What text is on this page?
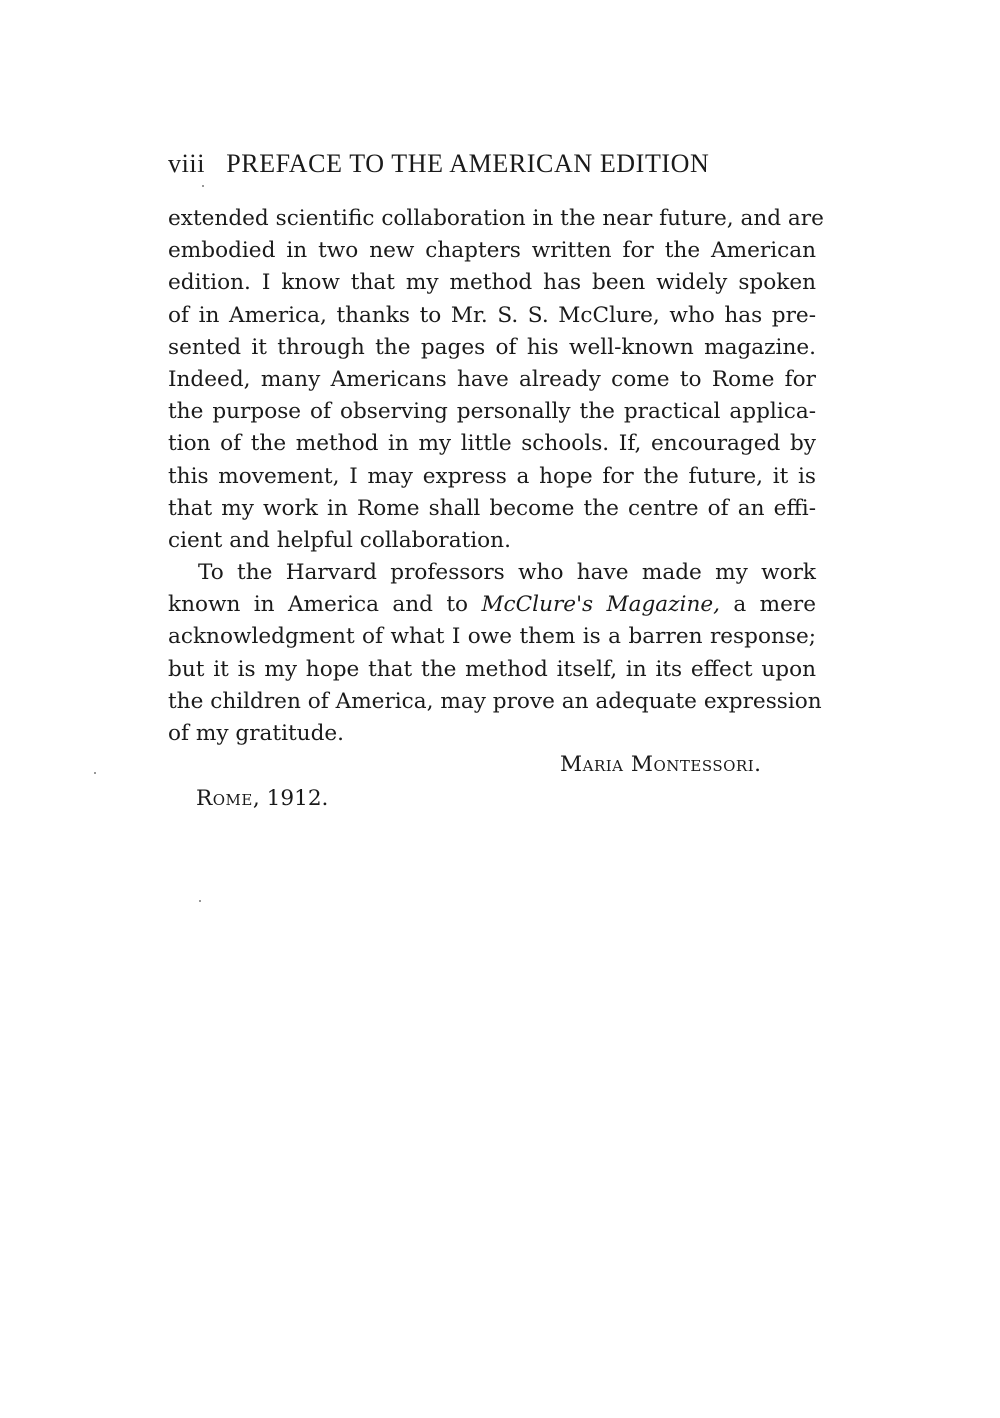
viii PREFACE TO THE AMERICAN EDITION
extended scientific collaboration in the near future, and are
embodied in two new chapters written for the American
edition. I know that my method has been widely spoken
of in America, thanks to Mr. S. S. McClure, who has pre-
sented it through the pages of his well-known magazine.
Indeed, many Americans have already come to Rome for
the purpose of observing personally the practical applica-
tion of the method in my little schools. If, encouraged by
this movement, I may express a hope for the future, it is
that my work in Rome shall become the centre of an effi-
cient and helpful collaboration.
To the Harvard professors who have made my work
known in America and to McClure's Magazine, a mere
acknowledgment of what I owe them is a barren response;
but it is my hope that the method itself, in its effect upon
the children of America, may prove an adequate expression
of my gratitude.
Maria Montessori.
Rome, 1912.
